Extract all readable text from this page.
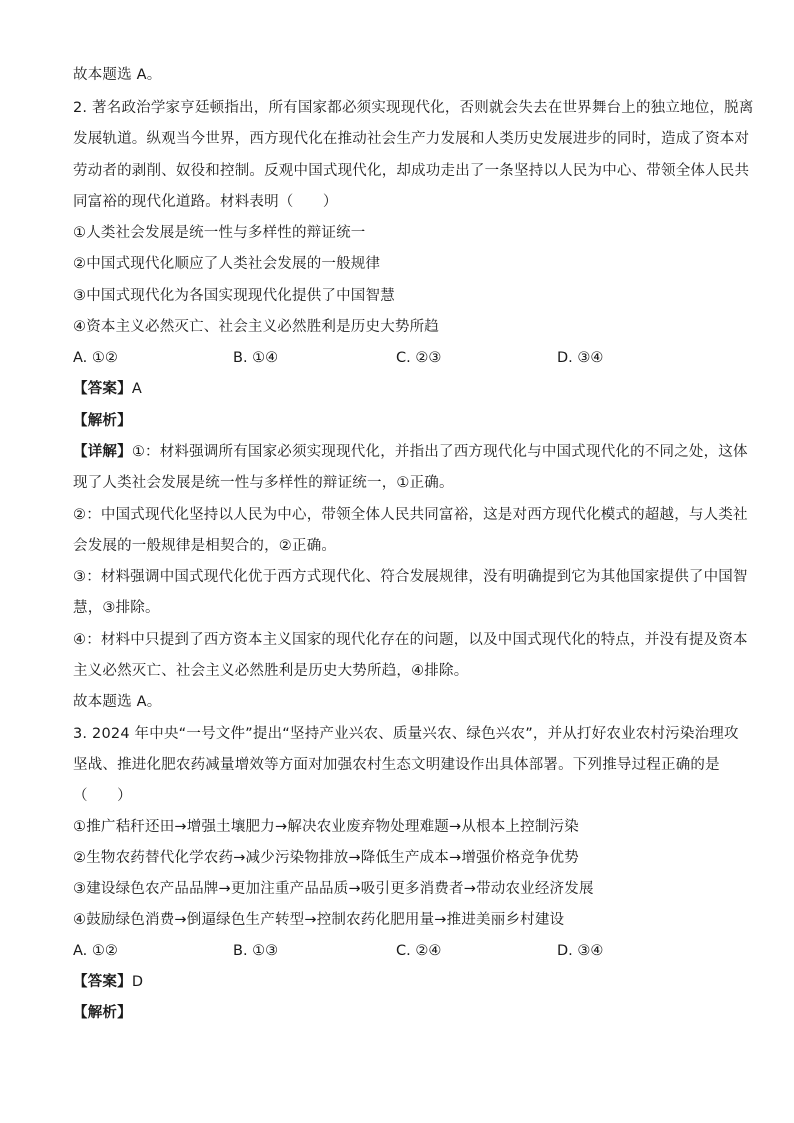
故本题选 A。
2. 著名政治学家亨廷顿指出，所有国家都必须实现现代化，否则就会失去在世界舞台上的独立地位，脱离
发展轨道。纵观当今世界，西方现代化在推动社会生产力发展和人类历史发展进步的同时，造成了资本对
劳动者的剥削、奴役和控制。反观中国式现代化，却成功走出了一条坚持以人民为中心、带领全体人民共
同富裕的现代化道路。材料表明（　　）
①人类社会发展是统一性与多样性的辩证统一
②中国式现代化顺应了人类社会发展的一般规律
③中国式现代化为各国实现现代化提供了中国智慧
④资本主义必然灭亡、社会主义必然胜利是历史大势所趋
A. ①②	B. ①④	C. ②③	D. ③④
【答案】A
【解析】
【详解】①：材料强调所有国家必须实现现代化，并指出了西方现代化与中国式现代化的不同之处，这体
现了人类社会发展是统一性与多样性的辩证统一，①正确。
②：中国式现代化坚持以人民为中心，带领全体人民共同富裕，这是对西方现代化模式的超越，与人类社
会发展的一般规律是相契合的，②正确。
③：材料强调中国式现代化优于西方式现代化、符合发展规律，没有明确提到它为其他国家提供了中国智
慧，③排除。
④：材料中只提到了西方资本主义国家的现代化存在的问题，以及中国式现代化的特点，并没有提及资本
主义必然灭亡、社会主义必然胜利是历史大势所趋，④排除。
故本题选 A。
3. 2024 年中央“一号文件”提出“坚持产业兴农、质量兴农、绿色兴农”，并从打好农业农村污染治理攻
坚战、推进化肥农药减量增效等方面对加强农村生态文明建设作出具体部署。下列推导过程正确的是
（　　）
①推广秸秆还田→增强土壤肥力→解决农业废弃物处理难题→从根本上控制污染
②生物农药替代化学农药→减少污染物排放→降低生产成本→增强价格竞争优势
③建设绿色农产品品牌→更加注重产品品质→吸引更多消费者→带动农业经济发展
④鼓励绿色消费→倒逼绿色生产转型→控制农药化肥用量→推进美丽乡村建设
A. ①②	B. ①③	C. ②④	D. ③④
【答案】D
【解析】
